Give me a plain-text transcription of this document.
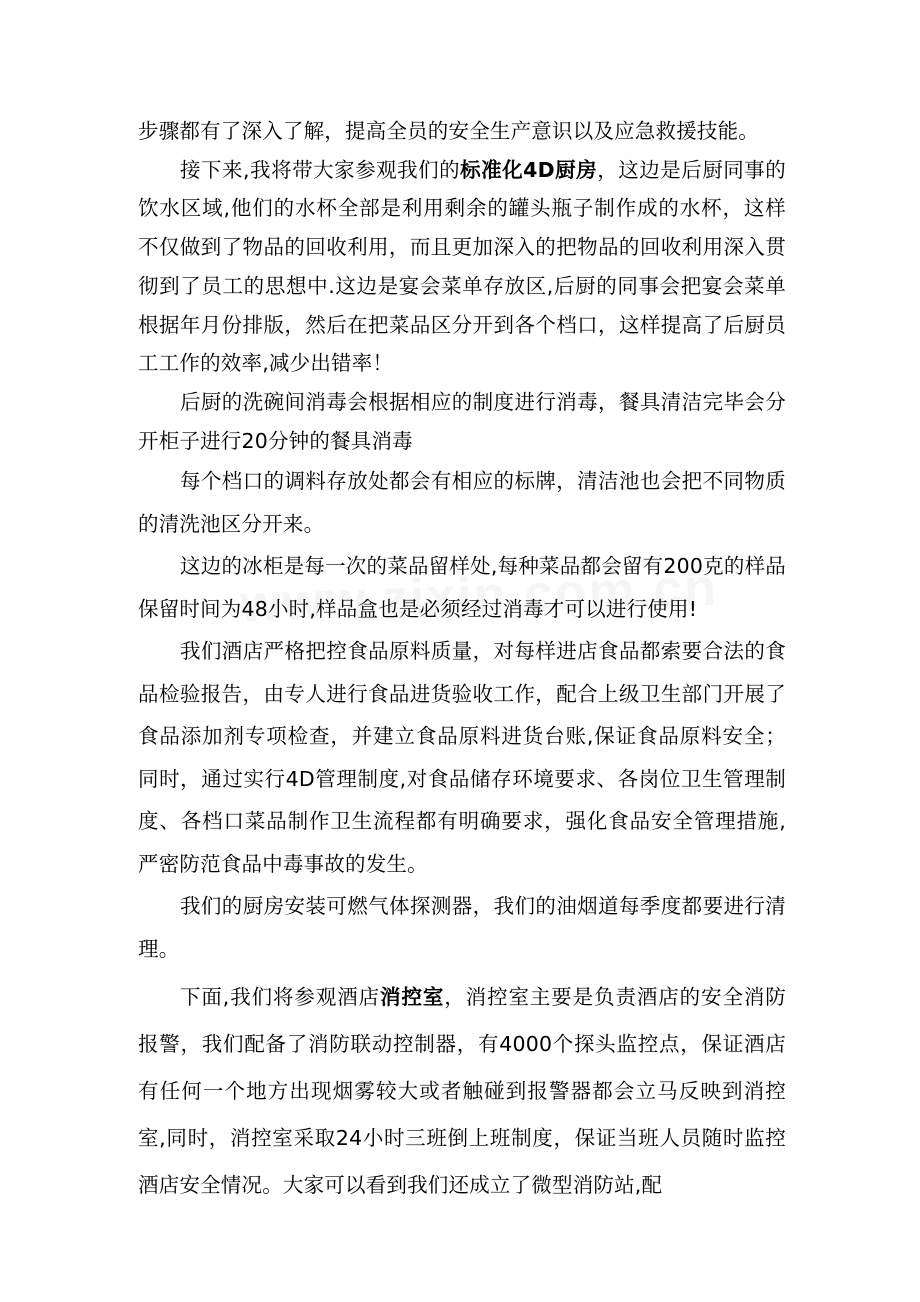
步骤都有了深入了解，提高全员的安全生产意识以及应急救援技能。

接下来,我将带大家参观我们的标准化4D厨房，这边是后厨同事的饮水区域,他们的水杯全部是利用剩余的罐头瓶子制作成的水杯，这样不仅做到了物品的回收利用，而且更加深入的把物品的回收利用深入贯彻到了员工的思想中.这边是宴会菜单存放区,后厨的同事会把宴会菜单根据年月份排版，然后在把菜品区分开到各个档口，这样提高了后厨员工工作的效率,减少出错率！

后厨的洗碗间消毒会根据相应的制度进行消毒，餐具清洁完毕会分开柜子进行20分钟的餐具消毒

每个档口的调料存放处都会有相应的标牌，清洁池也会把不同物质的清洗池区分开来。

这边的冰柜是每一次的菜品留样处,每种菜品都会留有200克的样品保留时间为48小时,样品盒也是必须经过消毒才可以进行使用!

我们酒店严格把控食品原料质量，对每样进店食品都索要合法的食品检验报告，由专人进行食品进货验收工作，配合上级卫生部门开展了食品添加剂专项检查，并建立食品原料进货台账,保证食品原料安全；同时，通过实行4D管理制度,对食品储存环境要求、各岗位卫生管理制度、各档口菜品制作卫生流程都有明确要求，强化食品安全管理措施,严密防范食品中毒事故的发生。

我们的厨房安装可燃气体探测器，我们的油烟道每季度都要进行清理。

下面,我们将参观酒店消控室，消控室主要是负责酒店的安全消防报警，我们配备了消防联动控制器，有4000个探头监控点，保证酒店有任何一个地方出现烟雾较大或者触碰到报警器都会立马反映到消控室,同时，消控室采取24小时三班倒上班制度，保证当班人员随时监控酒店安全情况。大家可以看到我们还成立了微型消防站,配
